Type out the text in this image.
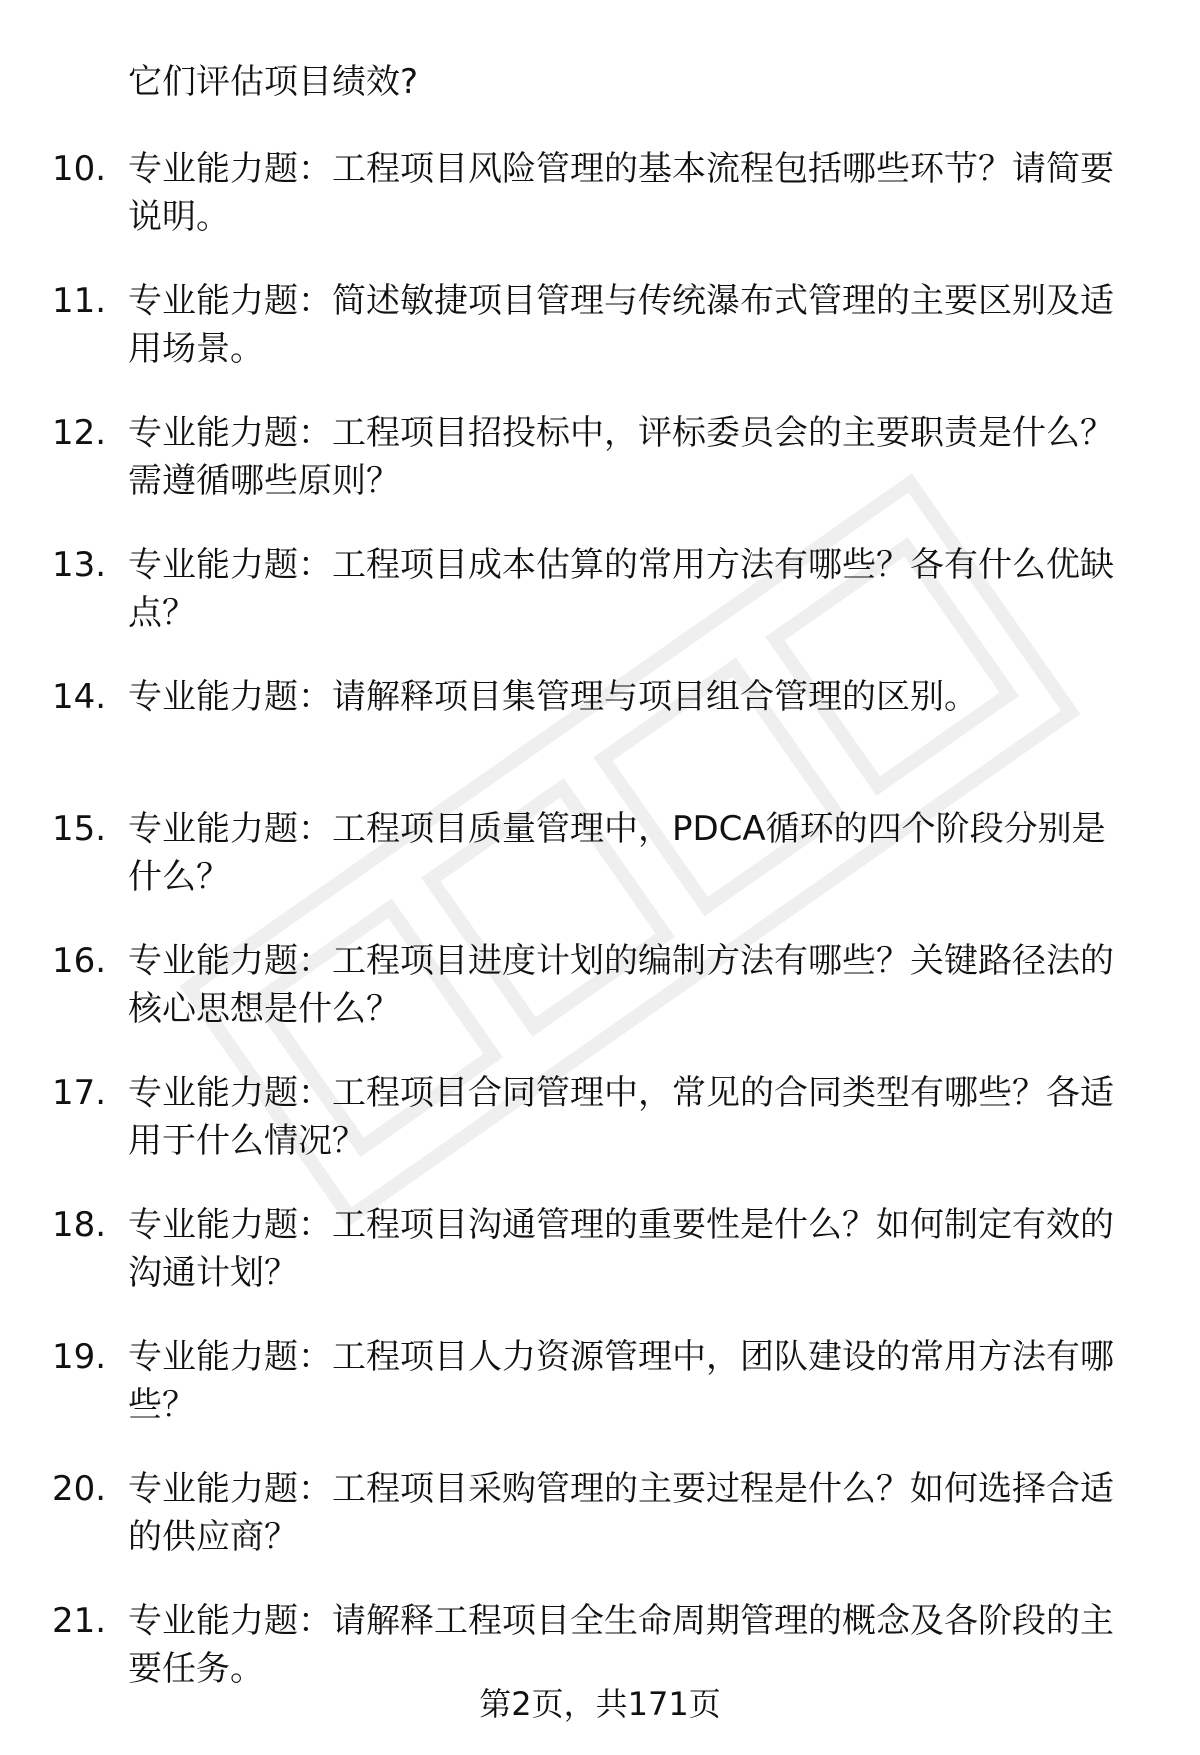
它们评估项目绩效?
10. 专业能力题：工程项目风险管理的基本流程包括哪些环节？请简要说明。
11. 专业能力题：简述敏捷项目管理与传统瀑布式管理的主要区别及适用场景。
12. 专业能力题：工程项目招投标中，评标委员会的主要职责是什么？需遵循哪些原则？
13. 专业能力题：工程项目成本估算的常用方法有哪些？各有什么优缺点？
14. 专业能力题：请解释项目集管理与项目组合管理的区别。
15. 专业能力题：工程项目质量管理中，PDCA循环的四个阶段分别是什么？
16. 专业能力题：工程项目进度计划的编制方法有哪些？关键路径法的核心思想是什么？
17. 专业能力题：工程项目合同管理中，常见的合同类型有哪些？各适用于什么情况？
18. 专业能力题：工程项目沟通管理的重要性是什么？如何制定有效的沟通计划？
19. 专业能力题：工程项目人力资源管理中，团队建设的常用方法有哪些？
20. 专业能力题：工程项目采购管理的主要过程是什么？如何选择合适的供应商？
21. 专业能力题：请解释工程项目全生命周期管理的概念及各阶段的主要任务。
第2页，共171页
